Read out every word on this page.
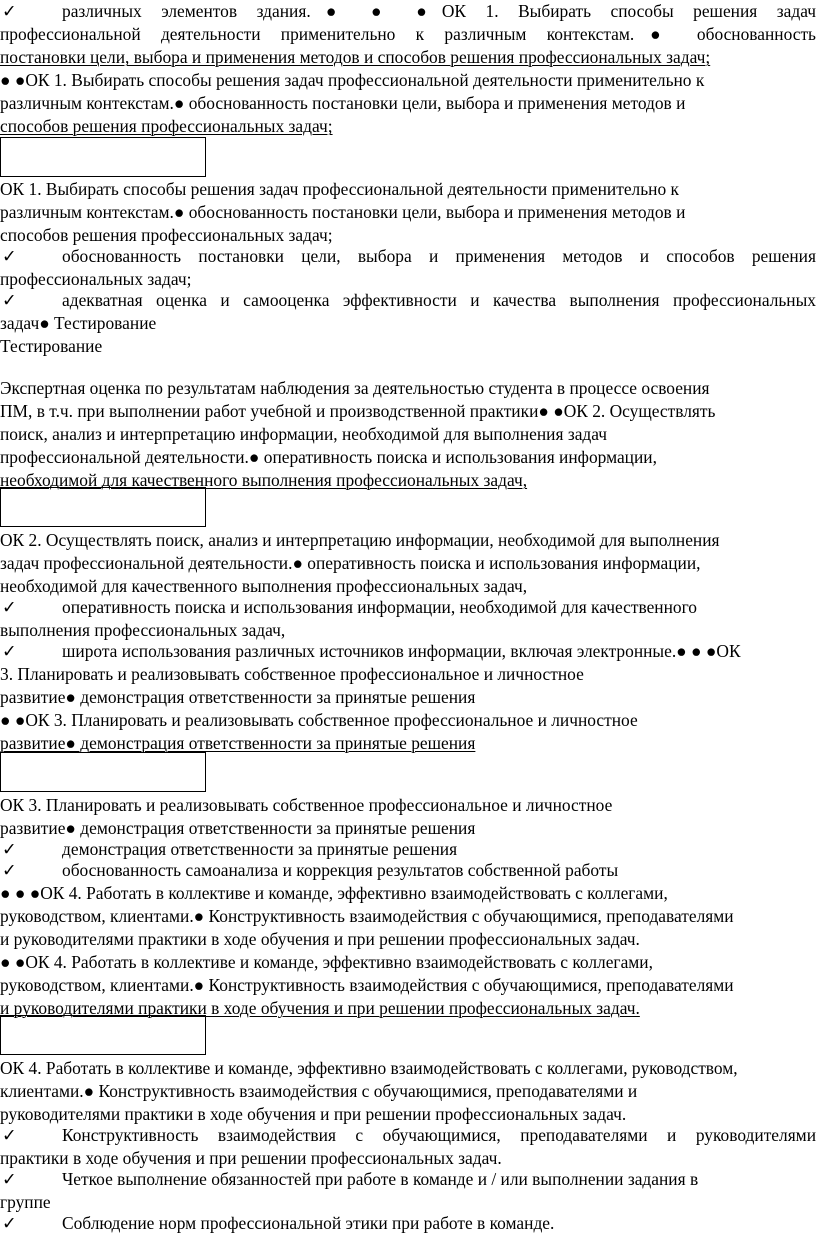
✓	различных элементов здания.● ● ●ОК 1. Выбирать способы решения задач
профессиональной деятельности применительно к различным контекстам.● обоснованность
постановки цели, выбора и применения методов и способов решения профессиональных задач;
● ●ОК 1. Выбирать способы решения задач профессиональной деятельности применительно к
различным контекстам.● обоснованность постановки цели, выбора и применения методов и
способов решения профессиональных задач;
ОК 1. Выбирать способы решения задач профессиональной деятельности применительно к
различным контекстам.● обоснованность постановки цели, выбора и применения методов и
способов решения профессиональных задач;
✓	обоснованность постановки цели, выбора и применения методов и способов решения
профессиональных задач;
✓	адекватная оценка и самооценка эффективности и качества выполнения профессиональных
задач● Тестирование
Тестирование
Экспертная оценка по результатам наблюдения за деятельностью студента в процессе освоения
ПМ, в т.ч. при выполнении работ учебной и производственной практики● ●ОК 2. Осуществлять
поиск, анализ и интерпретацию информации, необходимой для выполнения задач
профессиональной деятельности.● оперативность поиска и использования информации,
необходимой для качественного выполнения профессиональных задач,
ОК 2. Осуществлять поиск, анализ и интерпретацию информации, необходимой для выполнения
задач профессиональной деятельности.● оперативность поиска и использования информации,
необходимой для качественного выполнения профессиональных задач,
✓	оперативность поиска и использования информации, необходимой для качественного
выполнения профессиональных задач,
✓	широта использования различных источников информации, включая электронные.● ● ●ОК
3. Планировать и реализовывать собственное профессиональное и личностное
развитие● демонстрация ответственности за принятые решения
● ●ОК 3. Планировать и реализовывать собственное профессиональное и личностное
развитие● демонстрация ответственности за принятые решения
ОК 3. Планировать и реализовывать собственное профессиональное и личностное
развитие● демонстрация ответственности за принятые решения
✓	демонстрация ответственности за принятые решения
✓	обоснованность самоанализа и коррекция результатов собственной работы
● ● ●ОК 4. Работать в коллективе и команде, эффективно взаимодействовать с коллегами,
руководством, клиентами.● Конструктивность взаимодействия с обучающимися, преподавателями
и руководителями практики в ходе обучения и при решении профессиональных задач.
● ●ОК 4. Работать в коллективе и команде, эффективно взаимодействовать с коллегами,
руководством, клиентами.● Конструктивность взаимодействия с обучающимися, преподавателями
и руководителями практики в ходе обучения и при решении профессиональных задач.
ОК 4. Работать в коллективе и команде, эффективно взаимодействовать с коллегами, руководством,
клиентами.● Конструктивность взаимодействия с обучающимися, преподавателями и
руководителями практики в ходе обучения и при решении профессиональных задач.
✓	Конструктивность взаимодействия с обучающимися, преподавателями и руководителями
практики в ходе обучения и при решении профессиональных задач.
✓	Четкое выполнение обязанностей при работе в команде и / или выполнении задания в
группе
✓	Соблюдение норм профессиональной этики при работе в команде.
